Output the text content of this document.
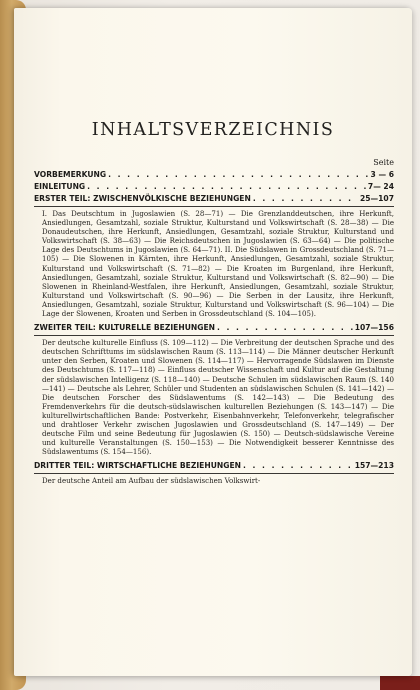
INHALTSVERZEICHNIS
Seite
VORBEMERKUNG . . .	3 — 6
EINLEITUNG . . .	7— 24
ERSTER TEIL: ZWISCHENVÖLKISCHE BEZIEHUNGEN . . .	25—107
I. Das Deutschtum in Jugoslawien (S. 28—71) — Die Grenzlanddeutschen, ihre Herkunft, Ansiedlungen, Gesamtzahl, soziale Struktur, Kulturstand und Volkswirtschaft (S. 28—38) — Die Donaudeutschen, ihre Herkunft, Ansiedlungen, Gesamtzahl, soziale Struktur, Kulturstand und Volkswirtschaft (S. 38—63) — Die Reichsdeutschen in Jugoslawien (S. 63—64) — Die politische Lage des Deutschtums in Jugoslawien (S. 64—71). II. Die Südslawen in Grossdeutschland (S. 71—105) — Die Slowenen in Kärnten, ihre Herkunft, Ansiedlungen, Gesamtzahl, soziale Struktur, Kulturstand und Volkswirtschaft (S. 71—82) — Die Kroaten im Burgenland, ihre Herkunft, Ansiedlungen, Gesamtzahl, soziale Struktur, Kulturstand und Volkswirtschaft (S. 82—90) — Die Slowenen in Rheinland-Westfalen, ihre Herkunft, Ansiedlungen, Gesamtzahl, soziale Struktur, Kulturstand und Volkswirtschaft (S. 90—96) — Die Serben in der Lausitz, ihre Herkunft, Ansiedlungen, Gesamtzahl, soziale Struktur, Kulturstand und Volkswirtschaft (S. 96—104) — Die Lage der Slowenen, Kroaten und Serben in Grossdeutschland (S. 104—105).
ZWEITER TEIL: KULTURELLE BEZIEHUNGEN . . .	107—156
Der deutsche kulturelle Einfluss (S. 109—112) — Die Verbreitung der deutschen Sprache und des deutschen Schrifttums im südslawischen Raum (S. 113—114) — Die Männer deutscher Herkunft unter den Serben, Kroaten und Slowenen (S. 114—117) — Hervorragende Südslawen im Dienste des Deutschtums (S. 117—118) — Einfluss deutscher Wissenschaft und Kultur auf die Gestaltung der südslawischen Intelligenz (S. 118—140) — Deutsche Schulen im südslawischen Raum (S. 140—141) — Deutsche als Lehrer, Schüler und Studenten an südslawischen Schulen (S. 141—142) — Die deutschen Forscher des Südslawentums (S. 142—143) — Die Bedeutung des Fremdenverkehrs für die deutsch-südslawischen kulturellen Beziehungen (S. 143—147) — Die kulturellwirtschaftlichen Bande: Postverkehr, Eisenbahnverkehr, Telefonverkehr, telegrafischer und drahtloser Verkehr zwischen Jugoslawien und Grossdeutschland (S. 147—149) — Der deutsche Film und seine Bedeutung für Jugoslawien (S. 150) — Deutsch-südslawische Vereine und kulturelle Veranstaltungen (S. 150—153) — Die Notwendigkeit besserer Kenntnisse des Südslawentums (S. 154—156).
DRITTER TEIL: WIRTSCHAFTLICHE BEZIEHUNGEN . . .	157—213
Der deutsche Anteil am Aufbau der südslawischen Volkswirt-
